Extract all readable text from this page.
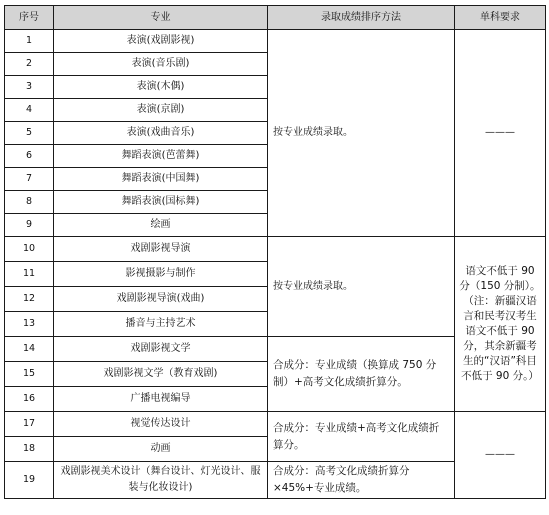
序号	专业	录取成绩排序方法	单科要求
1	表演(戏剧影视)	按专业成绩录取。	———
2	表演(音乐剧)		
3	表演(木偶)		
4	表演(京剧)		
5	表演(戏曲音乐)		
6	舞蹈表演(芭蕾舞)		
7	舞蹈表演(中国舞)		
8	舞蹈表演(国标舞)		
9	绘画		
10	戏剧影视导演	按专业成绩录取。	语文不低于 90 分（150 分制）。（注：新疆汉语言和民考汉考生语文不低于 90 分，其余新疆考生的“汉语”科目不低于 90 分。）
11	影视摄影与制作		
12	戏剧影视导演(戏曲)		
13	播音与主持艺术		
14	戏剧影视文学	合成分：专业成绩（换算成 750 分制）+高考文化成绩折算分。	
15	戏剧影视文学（教育戏剧)		
16	广播电视编导		
17	视觉传达设计	合成分：专业成绩+高考文化成绩折算分。	———
18	动画		
19	戏剧影视美术设计（舞台设计、灯光设计、服装与化妆设计)	合成分：高考文化成绩折算分×45%+专业成绩。	
